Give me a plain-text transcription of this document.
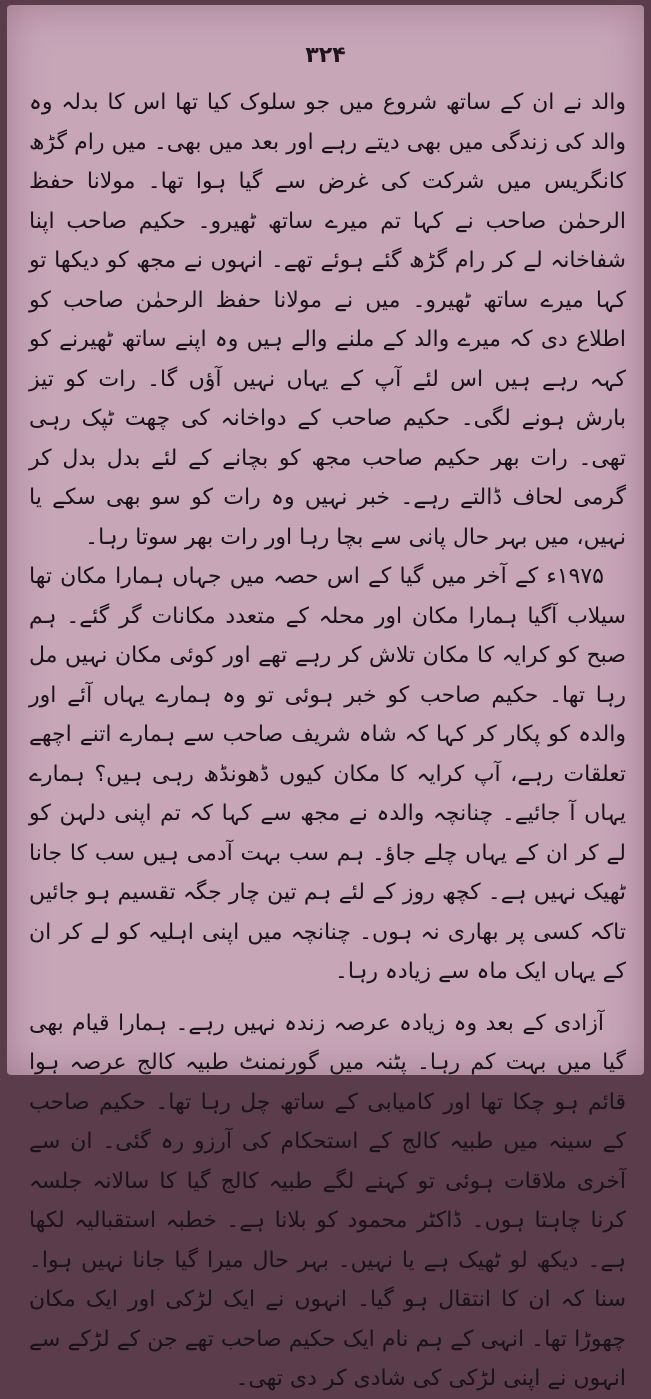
۳۲۴

والد نے ان کے ساتھ شروع میں جو سلوک کیا تھا اس کا بدلہ وہ والد کی زندگی میں بھی دیتے رہے اور بعد میں بھی۔ میں رام گڑھ کانگریس میں شرکت کی غرض سے گیا ہوا تھا۔ مولانا حفظ الرحمٰن صاحب نے کہا تم میرے ساتھ ٹھیرو۔ حکیم صاحب اپنا شفاخانہ لے کر رام گڑھ گئے ہوئے تھے۔ انہوں نے مجھ کو دیکھا تو کہا میرے ساتھ ٹھیرو۔ میں نے مولانا حفظ الرحمٰن صاحب کو اطلاع دی کہ میرے والد کے ملنے والے ہیں وہ اپنے ساتھ ٹھیرنے کو کہہ رہے ہیں اس لئے آپ کے یہاں نہیں آؤں گا۔ رات کو تیز بارش ہونے لگی۔ حکیم صاحب کے دواخانہ کی چھت ٹپک رہی تھی۔ رات بھر حکیم صاحب مجھ کو بچانے کے لئے بدل بدل کر گرمی لحاف ڈالتے رہے۔ خبر نہیں وہ رات کو سو بھی سکے یا نہیں، میں بہر حال پانی سے بچا رہا اور رات بھر سوتا رہا۔

۱۹۷۵ء کے آخر میں گیا کے اس حصہ میں جہاں ہمارا مکان تھا سیلاب آگیا ہمارا مکان اور محلہ کے متعدد مکانات گر گئے۔ ہم صبح کو کرایہ کا مکان تلاش کر رہے تھے اور کوئی مکان نہیں مل رہا تھا۔ حکیم صاحب کو خبر ہوئی تو وہ ہمارے یہاں آئے اور والدہ کو پکار کر کہا کہ شاہ شریف صاحب سے ہمارے اتنے اچھے تعلقات رہے، آپ کرایہ کا مکان کیوں ڈھونڈھ رہی ہیں؟ ہمارے یہاں آ جائیے۔ چنانچہ والدہ نے مجھ سے کہا کہ تم اپنی دلہن کو لے کر ان کے یہاں چلے جاؤ۔ ہم سب بہت آدمی ہیں سب کا جانا ٹھیک نہیں ہے۔ کچھ روز کے لئے ہم تین چار جگہ تقسیم ہو جائیں تاکہ کسی پر بھاری نہ ہوں۔ چنانچہ میں اپنی اہلیہ کو لے کر ان کے یہاں ایک ماہ سے زیادہ رہا۔

آزادی کے بعد وہ زیادہ عرصہ زندہ نہیں رہے۔ ہمارا قیام بھی گیا میں بہت کم رہا۔ پٹنہ میں گورنمنٹ طبیہ کالج عرصہ ہوا قائم ہو چکا تھا اور کامیابی کے ساتھ چل رہا تھا۔ حکیم صاحب کے سینہ میں طبیہ کالج کے استحکام کی آرزو رہ گئی۔ ان سے آخری ملاقات ہوئی تو کہنے لگے طبیہ کالج گیا کا سالانہ جلسہ کرنا چاہتا ہوں۔ ڈاکٹر محمود کو بلانا ہے۔ خطبہ استقبالیہ لکھا ہے۔ دیکھ لو ٹھیک ہے یا نہیں۔ بہر حال میرا گیا جانا نہیں ہوا۔ سنا کہ ان کا انتقال ہو گیا۔ انہوں نے ایک لڑکی اور ایک مکان چھوڑا تھا۔ انہی کے ہم نام ایک حکیم صاحب تھے جن کے لڑکے سے انہوں نے اپنی لڑکی کی شادی کر دی تھی۔
